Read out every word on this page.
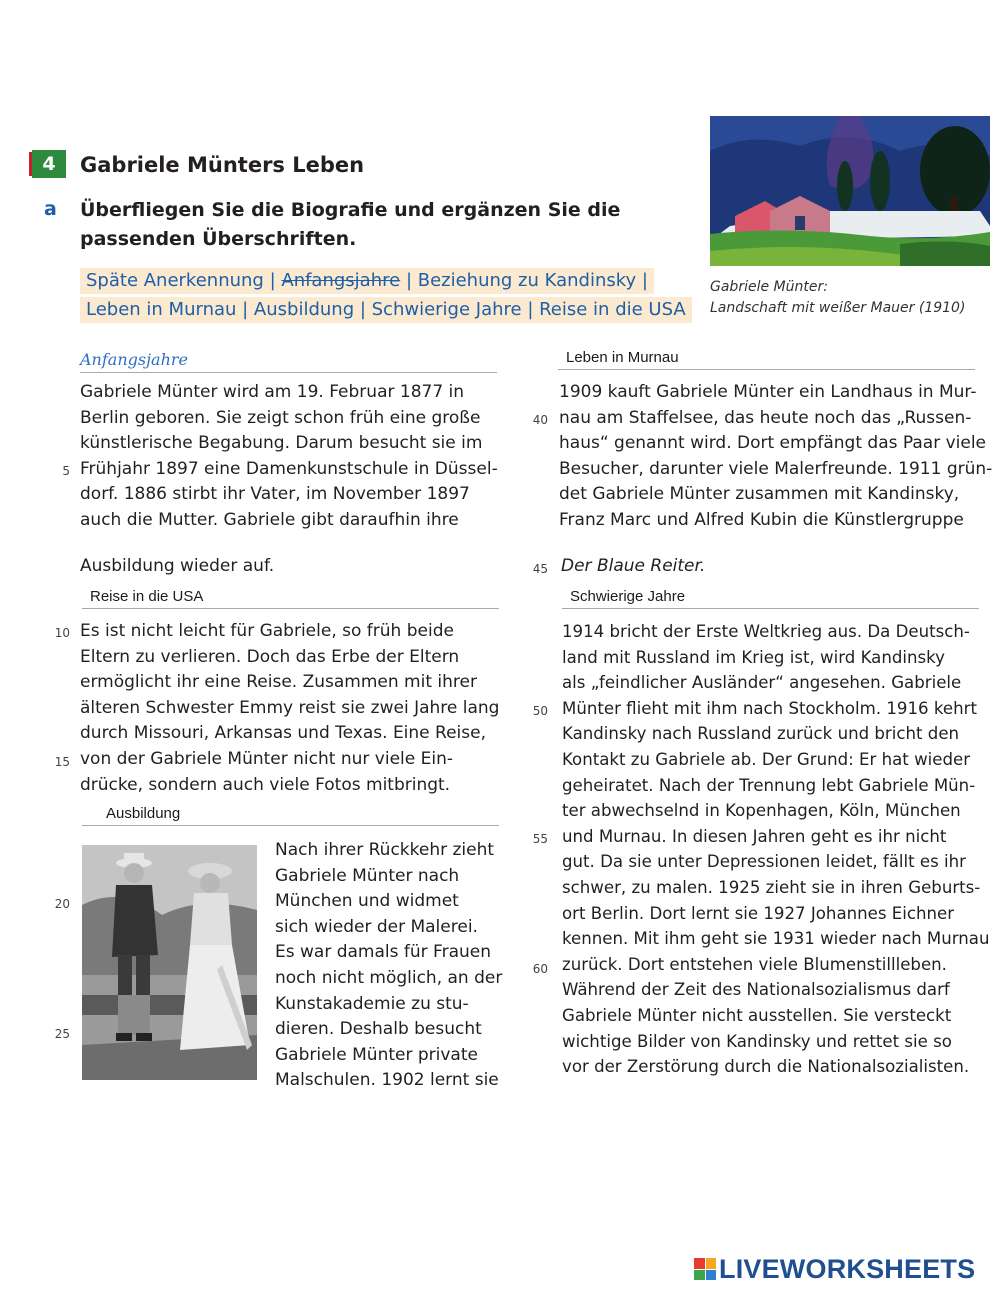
4	Gabriele Münters Leben
a Überfliegen Sie die Biografie und ergänzen Sie die
passenden Überschriften.
Späte Anerkennung | Anfangsjahre | Beziehung zu Kandinsky |
Leben in Murnau | Ausbildung | Schwierige Jahre | Reise in die USA
Gabriele Münter:
Landschaft mit weißer Mauer (1910)
Anfangsjahre	Leben in Murnau
Reise in die USA	Schwierige Jahre
Ausbildung
Gabriele Münter wird am 19. Februar 1877 in
Berlin geboren. Sie zeigt schon früh eine große
künstlerische Begabung. Darum besucht sie im
Frühjahr 1897 eine Damenkunstschule in Düssel-
dorf. 1886 stirbt ihr Vater, im November 1897
auch die Mutter. Gabriele gibt daraufhin ihre
Ausbildung wieder auf.
Es ist nicht leicht für Gabriele, so früh beide
Eltern zu verlieren. Doch das Erbe der Eltern
ermöglicht ihr eine Reise. Zusammen mit ihrer
älteren Schwester Emmy reist sie zwei Jahre lang
durch Missouri, Arkansas und Texas. Eine Reise,
von der Gabriele Münter nicht nur viele Ein-
drücke, sondern auch viele Fotos mitbringt.
Nach ihrer Rückkehr zieht
Gabriele Münter nach
München und widmet
sich wieder der Malerei.
Es war damals für Frauen
noch nicht möglich, an der
Kunstakademie zu stu-
dieren. Deshalb besucht
Gabriele Münter private
Malschulen. 1902 lernt sie
1909 kauft Gabriele Münter ein Landhaus in Mur-
nau am Staffelsee, das heute noch das „Russen-
haus“ genannt wird. Dort empfängt das Paar viele
Besucher, darunter viele Malerfreunde. 1911 grün-
det Gabriele Münter zusammen mit Kandinsky,
Franz Marc und Alfred Kubin die Künstlergruppe
Der Blaue Reiter.
1914 bricht der Erste Weltkrieg aus. Da Deutsch-
land mit Russland im Krieg ist, wird Kandinsky
als „feindlicher Ausländer“ angesehen. Gabriele
Münter flieht mit ihm nach Stockholm. 1916 kehrt
Kandinsky nach Russland zurück und bricht den
Kontakt zu Gabriele ab. Der Grund: Er hat wieder
geheiratet. Nach der Trennung lebt Gabriele Mün-
ter abwechselnd in Kopenhagen, Köln, München
und Murnau. In diesen Jahren geht es ihr nicht
gut. Da sie unter Depressionen leidet, fällt es ihr
schwer, zu malen. 1925 zieht sie in ihren Geburts-
ort Berlin. Dort lernt sie 1927 Johannes Eichner
kennen. Mit ihm geht sie 1931 wieder nach Murnau
zurück. Dort entstehen viele Blumenstillleben.
Während der Zeit des Nationalsozialismus darf
Gabriele Münter nicht ausstellen. Sie versteckt
wichtige Bilder von Kandinsky und rettet sie so
vor der Zerstörung durch die Nationalsozialisten.
5
10
15
20
25
40
45
50
55
60
LIVEWORKSHEETS
